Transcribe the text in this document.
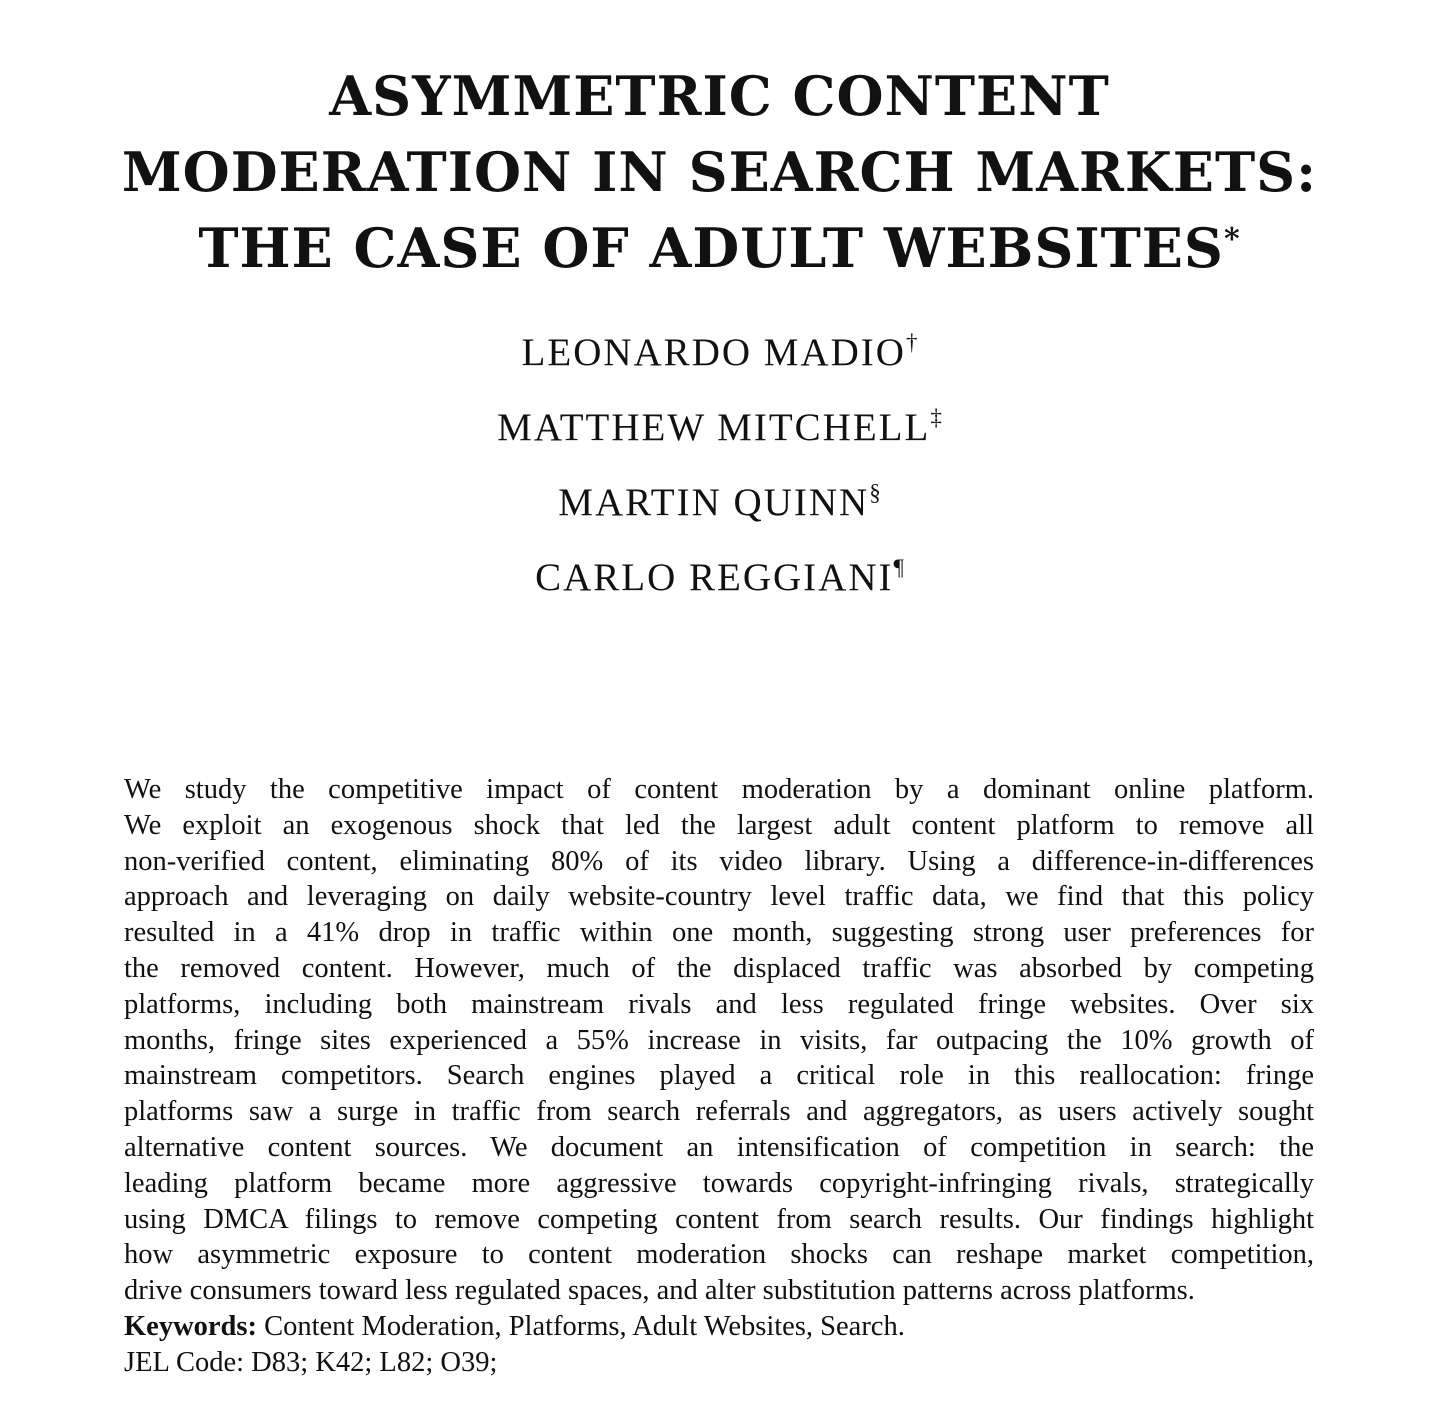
ASYMMETRIC CONTENT
MODERATION IN SEARCH MARKETS:
THE CASE OF ADULT WEBSITES*
LEONARDO MADIO†
MATTHEW MITCHELL‡
MARTIN QUINN§
CARLO REGGIANI¶
We study the competitive impact of content moderation by a dominant online platform.
We exploit an exogenous shock that led the largest adult content platform to remove all
non-verified content, eliminating 80% of its video library. Using a difference-in-differences
approach and leveraging on daily website-country level traffic data, we find that this policy
resulted in a 41% drop in traffic within one month, suggesting strong user preferences for
the removed content. However, much of the displaced traffic was absorbed by competing
platforms, including both mainstream rivals and less regulated fringe websites. Over six
months, fringe sites experienced a 55% increase in visits, far outpacing the 10% growth of
mainstream competitors. Search engines played a critical role in this reallocation: fringe
platforms saw a surge in traffic from search referrals and aggregators, as users actively sought
alternative content sources. We document an intensification of competition in search: the
leading platform became more aggressive towards copyright-infringing rivals, strategically
using DMCA filings to remove competing content from search results. Our findings highlight
how asymmetric exposure to content moderation shocks can reshape market competition,
drive consumers toward less regulated spaces, and alter substitution patterns across platforms.
Keywords: Content Moderation, Platforms, Adult Websites, Search.
JEL Code: D83; K42; L82; O39;
